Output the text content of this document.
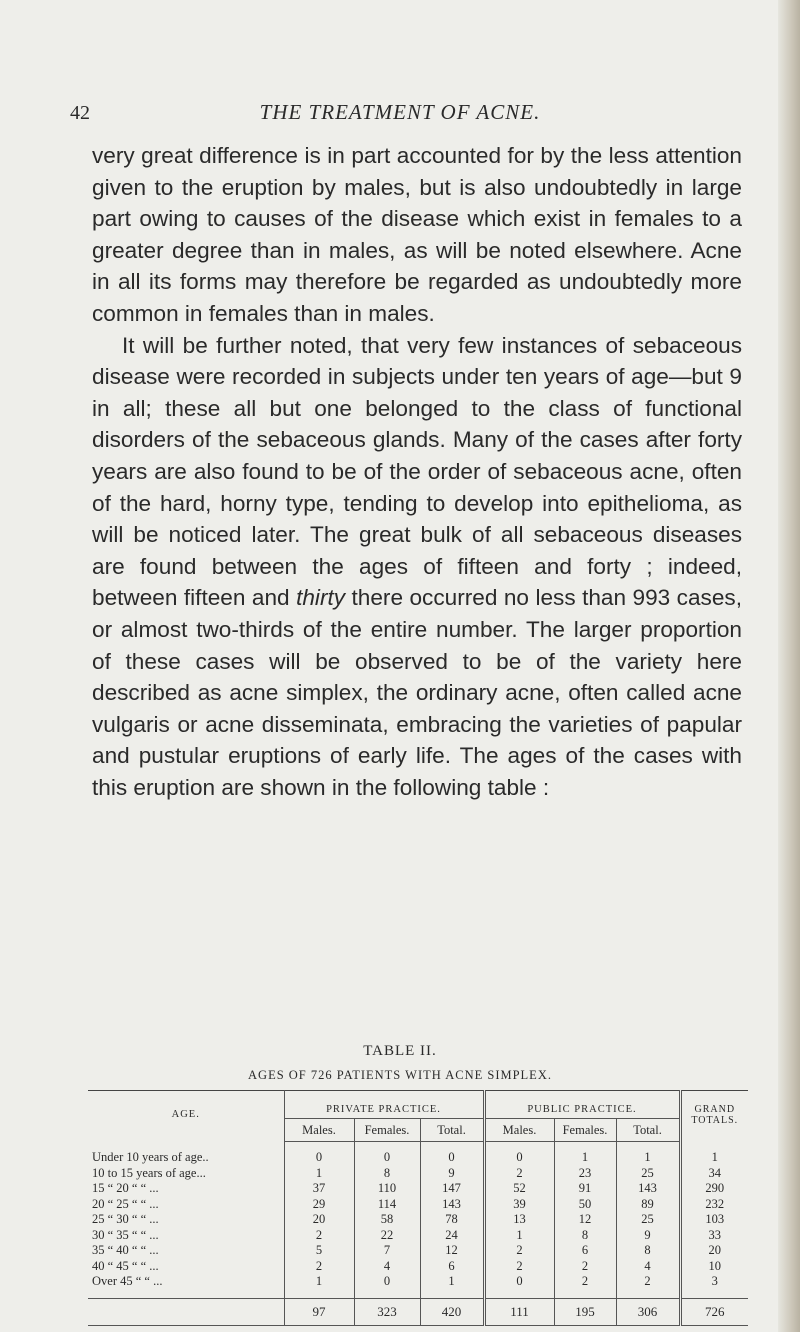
42	THE TREATMENT OF ACNE.

very great difference is in part accounted for by the less attention given to the eruption by males, but is also undoubtedly in large part owing to causes of the disease which exist in females to a greater degree than in males, as will be noted elsewhere. Acne in all its forms may therefore be regarded as undoubtedly more common in females than in males.

It will be further noted, that very few instances of sebaceous disease were recorded in subjects under ten years of age—but 9 in all; these all but one belonged to the class of functional disorders of the sebaceous glands. Many of the cases after forty years are also found to be of the order of sebaceous acne, often of the hard, horny type, tending to develop into epithelioma, as will be noticed later. The great bulk of all sebaceous diseases are found between the ages of fifteen and forty ; indeed, between fifteen and thirty there occurred no less than 993 cases, or almost two-thirds of the entire number. The larger proportion of these cases will be observed to be of the variety here described as acne simplex, the ordinary acne, often called acne vulgaris or acne disseminata, embracing the varieties of papular and pustular eruptions of early life. The ages of the cases with this eruption are shown in the following table :

TABLE II.
AGES OF 726 PATIENTS WITH ACNE SIMPLEX.
AGE.	PRIVATE PRACTICE.			PUBLIC PRACTICE.			GRAND TOTALS.
	Males.	Females.	Total.	Males.	Females.	Total.	

Under 10 years of age..	0	0	0	0	1	1	1
10 to 15 years of age...	1	8	9	2	23	25	34
15 “ 20 “ “ ...	37	110	147	52	91	143	290
20 “ 25 “ “ ...	29	114	143	39	50	89	232
25 “ 30 “ “ ...	20	58	78	13	12	25	103
30 “ 35 “ “ ...	2	22	24	1	8	9	33
35 “ 40 “ “ ...	5	7	12	2	6	8	20
40 “ 45 “ “ ...	2	4	6	2	2	4	10
Over 45 “ “ ...	1	0	1	0	2	2	3

	97	323	420	111	195	306	726
